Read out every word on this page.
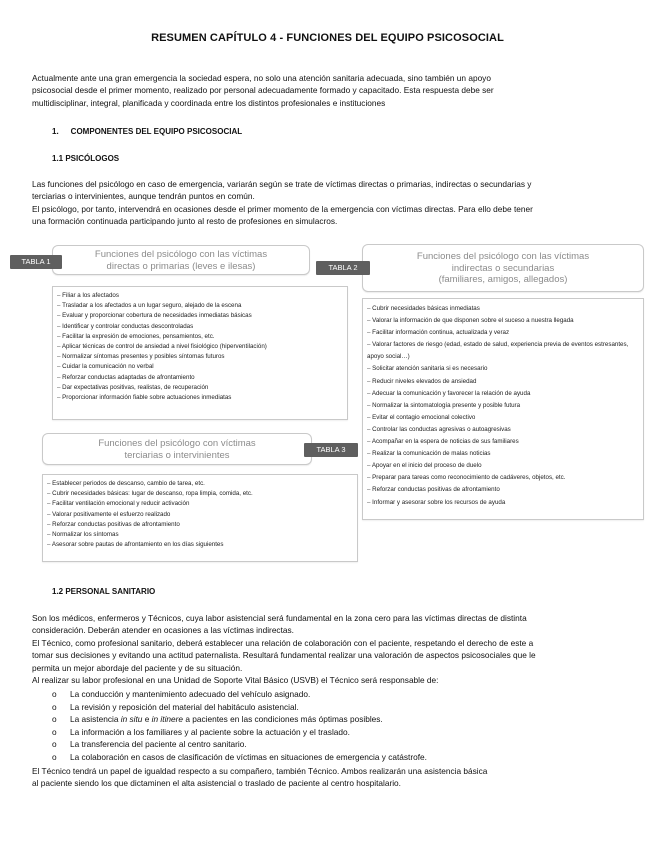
RESUMEN CAPÍTULO 4 - FUNCIONES DEL EQUIPO PSICOSOCIAL
Actualmente ante una gran emergencia la sociedad espera, no solo una atención sanitaria adecuada, sino también un apoyo
psicosocial desde el primer momento, realizado por personal adecuadamente formado y capacitado. Esta respuesta debe ser
multidisciplinar, integral, planificada y coordinada entre los distintos profesionales e instituciones
1. COMPONENTES DEL EQUIPO PSICOSOCIAL
1.1 PSICÓLOGOS
Las funciones del psicólogo en caso de emergencia, variarán según se trate de víctimas directas o primarias, indirectas o secundarias y
terciarias o intervinientes, aunque tendrán puntos en común.
El psicólogo, por tanto, intervendrá en ocasiones desde el primer momento de la emergencia con víctimas directas. Para ello debe tener
una formación continuada participando junto al resto de profesiones en simulacros.
Funciones del psicólogo con las víctimas
directas o primarias (leves e ilesas)
TABLA 1
– Filiar a los afectados
– Trasladar a los afectados a un lugar seguro, alejado de la escena
– Evaluar y proporcionar cobertura de necesidades inmediatas básicas
– Identificar y controlar conductas descontroladas
– Facilitar la expresión de emociones, pensamientos, etc.
– Aplicar técnicas de control de ansiedad a nivel fisiológico (hiperventilación)
– Normalizar síntomas presentes y posibles síntomas futuros
– Cuidar la comunicación no verbal
– Reforzar conductas adaptadas de afrontamiento
– Dar expectativas positivas, realistas, de recuperación
– Proporcionar información fiable sobre actuaciones inmediatas
Funciones del psicólogo con las víctimas
indirectas o secundarias
(familiares, amigos, allegados)
TABLA 2
– Cubrir necesidades básicas inmediatas
– Valorar la información de que disponen sobre el suceso a nuestra llegada
– Facilitar información continua, actualizada y veraz
– Valorar factores de riesgo (edad, estado de salud, experiencia previa de eventos estresantes, apoyo social…)
– Solicitar atención sanitaria si es necesario
– Reducir niveles elevados de ansiedad
– Adecuar la comunicación y favorecer la relación de ayuda
– Normalizar la sintomatología presente y posible futura
– Evitar el contagio emocional colectivo
– Controlar las conductas agresivas o autoagresivas
– Acompañar en la espera de noticias de sus familiares
– Realizar la comunicación de malas noticias
– Apoyar en el inicio del proceso de duelo
– Preparar para tareas como reconocimiento de cadáveres, objetos, etc.
– Reforzar conductas positivas de afrontamiento
– Informar y asesorar sobre los recursos de ayuda
Funciones del psicólogo con víctimas
terciarias o intervinientes	TABLA 3
– Establecer periodos de descanso, cambio de tarea, etc.
– Cubrir necesidades básicas: lugar de descanso, ropa limpia, comida, etc.
– Facilitar ventilación emocional y reducir activación
– Valorar positivamente el esfuerzo realizado
– Reforzar conductas positivas de afrontamiento
– Normalizar los síntomas
– Asesorar sobre pautas de afrontamiento en los días siguientes
1.2 PERSONAL SANITARIO
Son los médicos, enfermeros y Técnicos, cuya labor asistencial será fundamental en la zona cero para las víctimas directas de distinta
consideración. Deberán atender en ocasiones a las víctimas indirectas.
El Técnico, como profesional sanitario, deberá establecer una relación de colaboración con el paciente, respetando el derecho de este a
tomar sus decisiones y evitando una actitud paternalista. Resultará fundamental realizar una valoración de aspectos psicosociales que le
permita un mejor abordaje del paciente y de su situación.
Al realizar su labor profesional en una Unidad de Soporte Vital Básico (USVB) el Técnico será responsable de:
o La conducción y mantenimiento adecuado del vehículo asignado.
o La revisión y reposición del material del habitáculo asistencial.
o La asistencia in situ e in itinere a pacientes en las condiciones más óptimas posibles.
o La información a los familiares y al paciente sobre la actuación y el traslado.
o La transferencia del paciente al centro sanitario.
o La colaboración en casos de clasificación de víctimas en situaciones de emergencia y catástrofe.
El Técnico tendrá un papel de igualdad respecto a su compañero, también Técnico. Ambos realizarán una asistencia básica
al paciente siendo los que dictaminen el alta asistencial o traslado de paciente al centro hospitalario.
